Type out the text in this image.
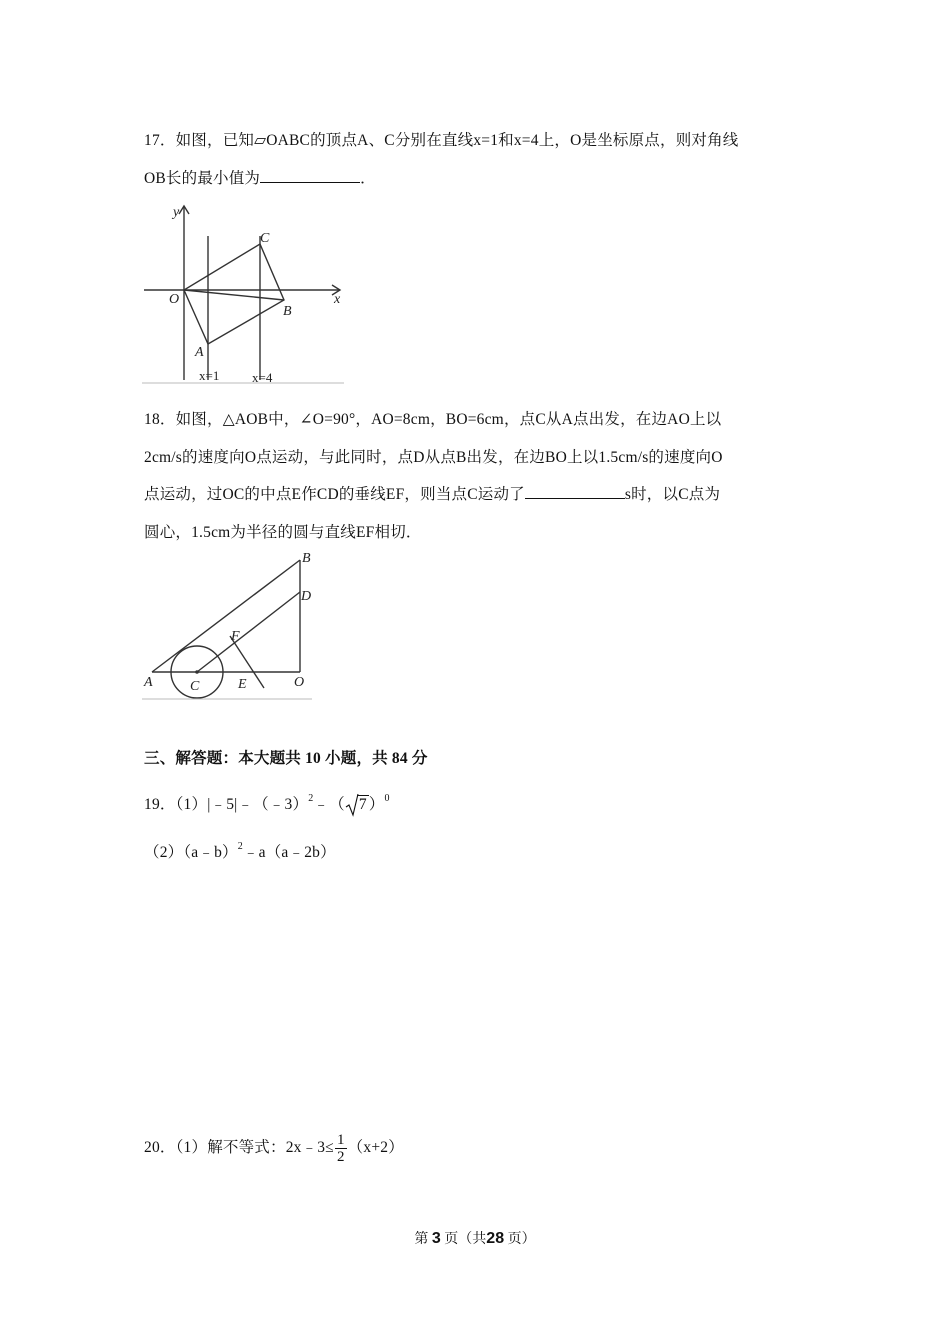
17．如图，已知▱OABC的顶点A、C分别在直线x=1和x=4上，O是坐标原点，则对角线
OB长的最小值为	．
y
x
O
A
B
C
x=1	x=4
18．如图，△AOB中，∠O=90°，AO=8cm，BO=6cm，点C从A点出发，在边AO上以
2cm/s的速度向O点运动，与此同时，点D从点B出发，在边BO上以1.5cm/s的速度向O
点运动，过OC的中点E作CD的垂线EF，则当点C运动了	s时，以C点为
圆心，1.5cm为半径的圆与直线EF相切．
A
B
C
D
E
F
O
三、解答题：本大题共 10 小题，共 84 分
19．（1）|﹣5|﹣（﹣3）$^2$﹣（ 7 ）$^0$
（2）（a﹣b）$^2$﹣a（a﹣2b）
20．（1）解不等式：2x﹣3≤ $\frac{1}{2} (x+2)$
第 3 页（共28 页）
